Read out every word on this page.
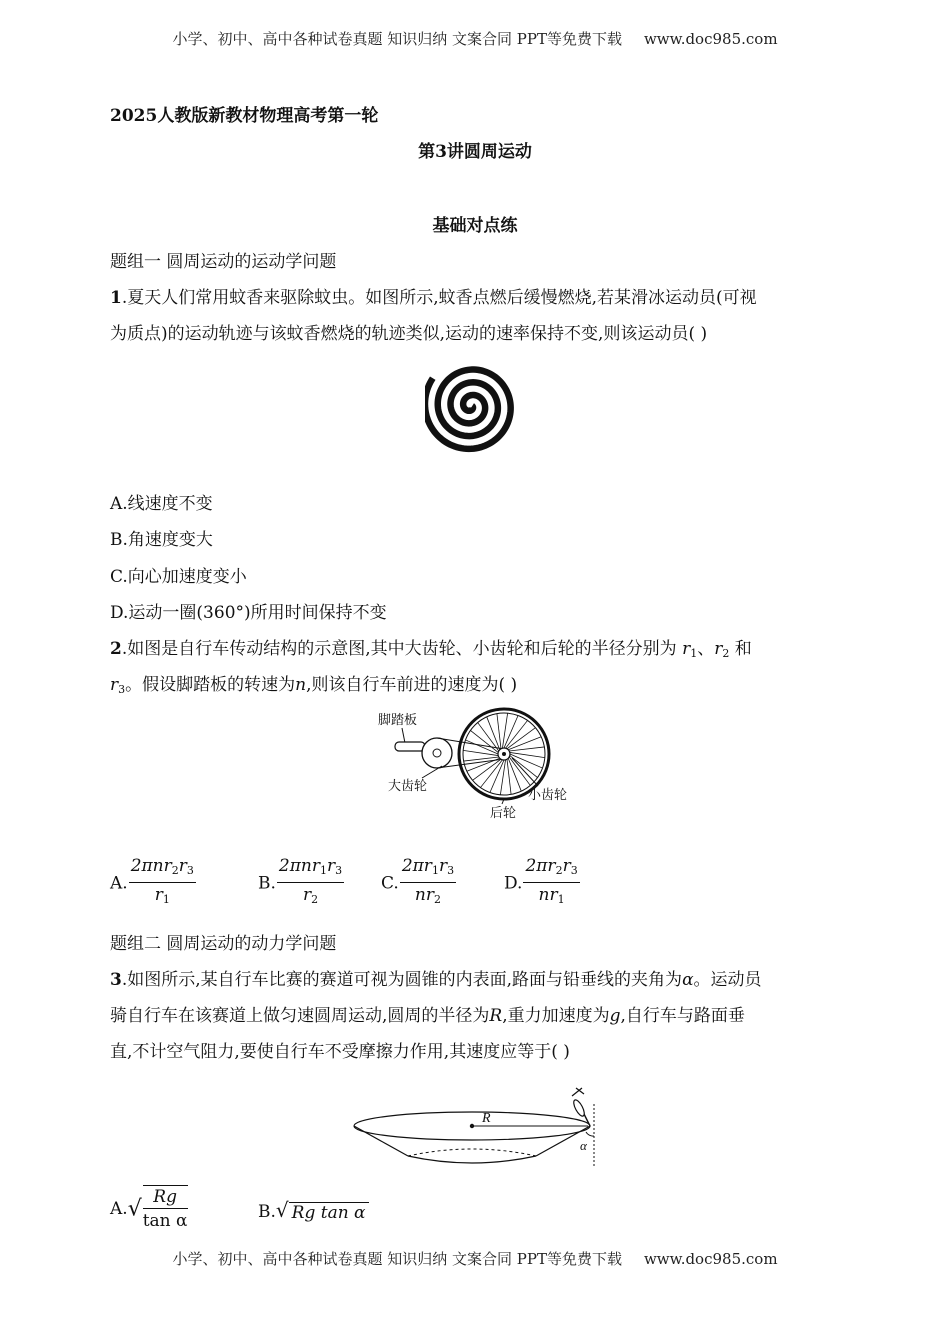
小学、初中、高中各种试卷真题 知识归纳 文案合同 PPT等免费下载 www.doc985.com
2025人教版新教材物理高考第一轮
第3讲圆周运动
基础对点练
题组一 圆周运动的运动学问题
1.夏天人们常用蚊香来驱除蚊虫。如图所示,蚊香点燃后缓慢燃烧,若某滑冰运动员(可视
为质点)的运动轨迹与该蚊香燃烧的轨迹类似,运动的速率保持不变,则该运动员( )
A.线速度不变
B.角速度变大
C.向心加速度变小
D.运动一圈(360°)所用时间保持不变
2.如图是自行车传动结构的示意图,其中大齿轮、小齿轮和后轮的半径分别为 $r_1$、$r_2$ 和
$r_3$。假设脚踏板的转速为n,则该自行车前进的速度为( )
脚踏板
大齿轮
小齿轮
后轮
A. $\frac{2\pi nr_2r_3}{r_1}$	B. $\frac{2\pi nr_1r_3}{r_2} C$. $\frac{2\pi r_1r_3}{nr_2}$	D. $\frac{2\pi r_2r_3}{nr_1}$
题组二 圆周运动的动力学问题
3.如图所示,某自行车比赛的赛道可视为圆锥的内表面,路面与铅垂线的夹角为α。运动员
骑自行车在该赛道上做匀速圆周运动,圆周的半径为R,重力加速度为g,自行车与路面垂
直,不计空气阻力,要使自行车不受摩擦力作用,其速度应等于( )
R
α
$A.√ \frac{Rg}{\text{tan α}}$	B.√ Rg tan α
小学、初中、高中各种试卷真题 知识归纳 文案合同 PPT等免费下载 www.doc985.com
